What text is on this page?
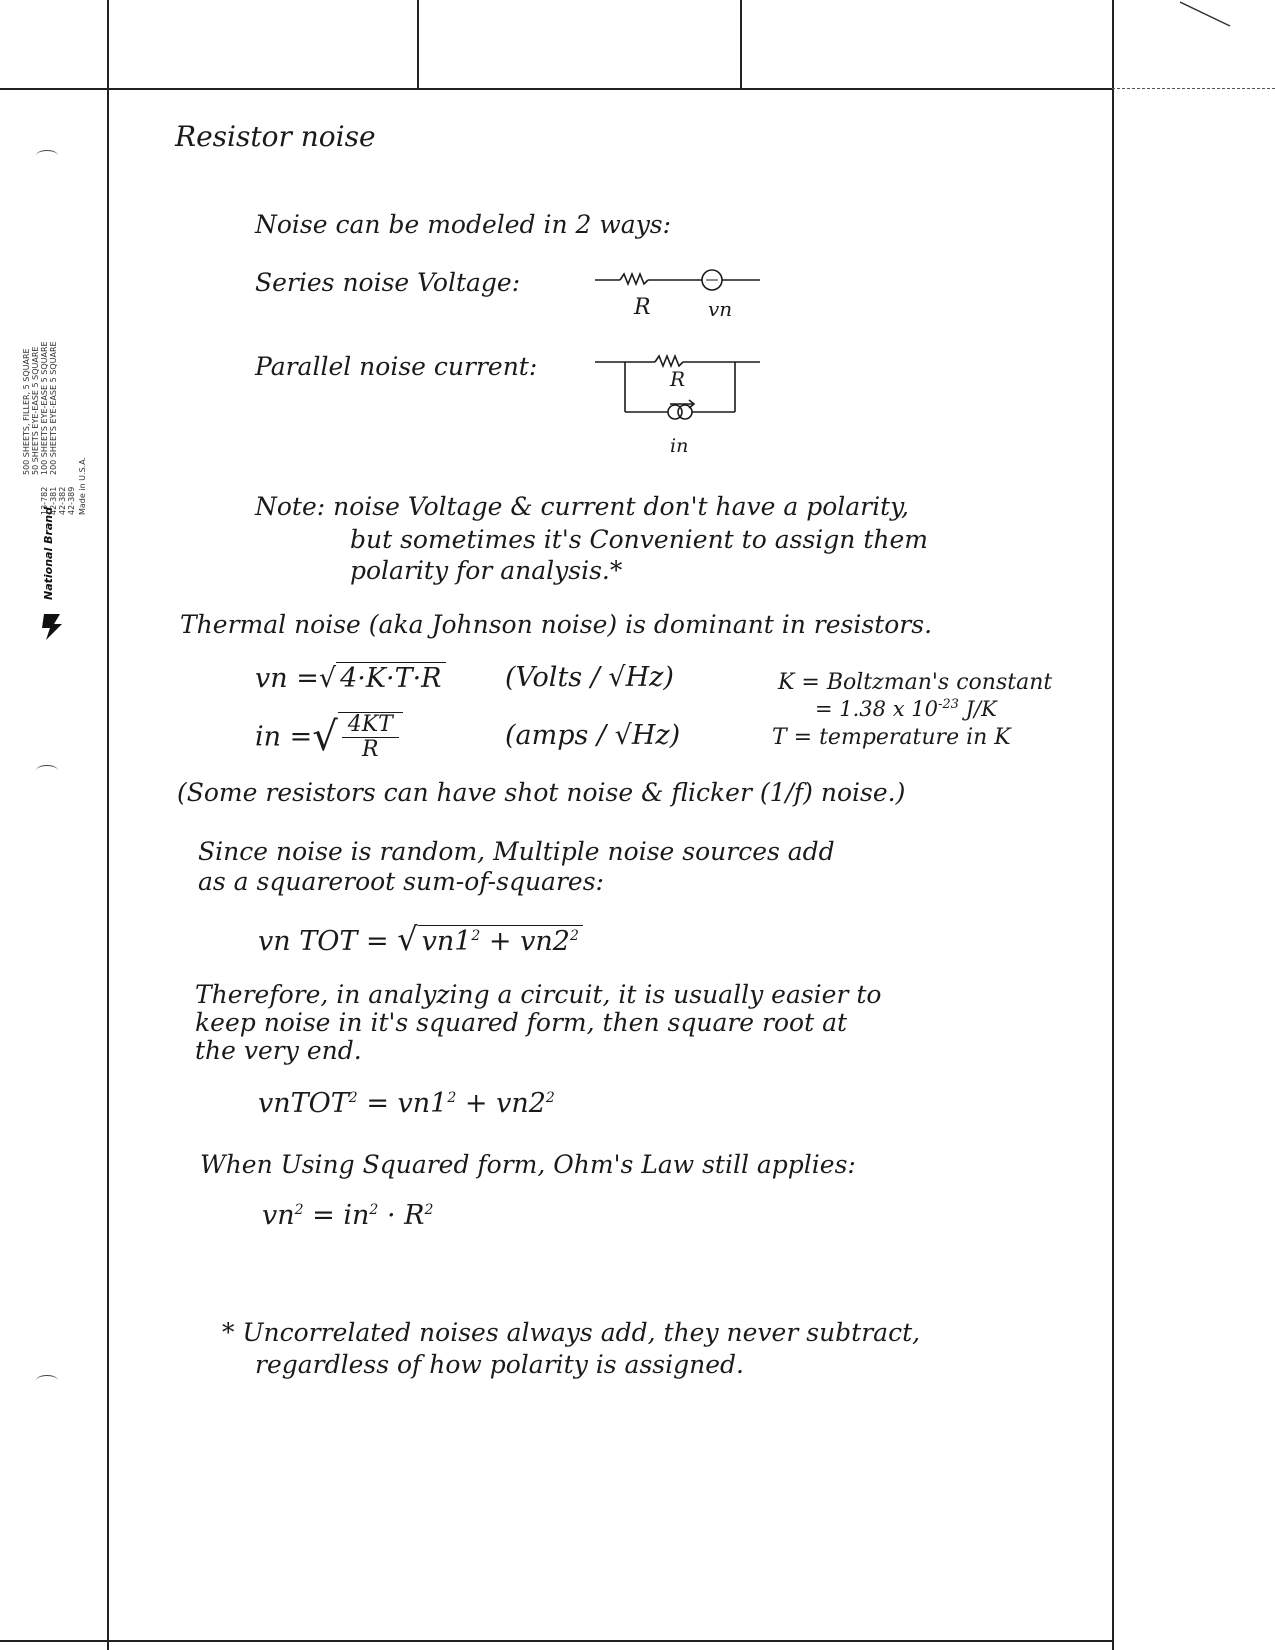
National Brand
13-782 42-381 42-382 42-389
500 SHEETS, FILLER, 5 SQUARE 50 SHEETS EYE-EASE 5 SQUARE 100 SHEETS EYE-EASE 5 SQUARE 200 SHEETS EYE-EASE 5 SQUARE
Made in U.S.A.
Resistor noise
Noise can be modeled in 2 ways:
Series noise Voltage:
R	vn
Parallel noise current:	R
in
Note: noise Voltage & current don't have a polarity,
but sometimes it's Convenient to assign them
polarity for analysis.*
Thermal noise (aka Johnson noise) is dominant in resistors.
vn =√ 4·K·T·R (Volts / √Hz)
in =√ $\frac{4KT}{R}$	(amps / √Hz)
K = Boltzman's constant
= 1.38 x $10^{-23}$ J/K
T = temperature in K
(Some resistors can have shot noise & flicker (1/f) noise.)
Since noise is random, Multiple noise sources add
as a squareroot sum-of-squares:
vn TOT = √ $vn1^2 + vn2^2$
Therefore, in analyzing a circuit, it is usually easier to
keep noise in it's squared form, then square root at
the very end.
vnTOT$^2$ = $vn1^2 + vn2^2$
When Using Squared form, Ohm's Law still applies:
$vn^2 = in^2 \cdot R^2$
* Uncorrelated noises always add, they never subtract,
regardless of how polarity is assigned.
